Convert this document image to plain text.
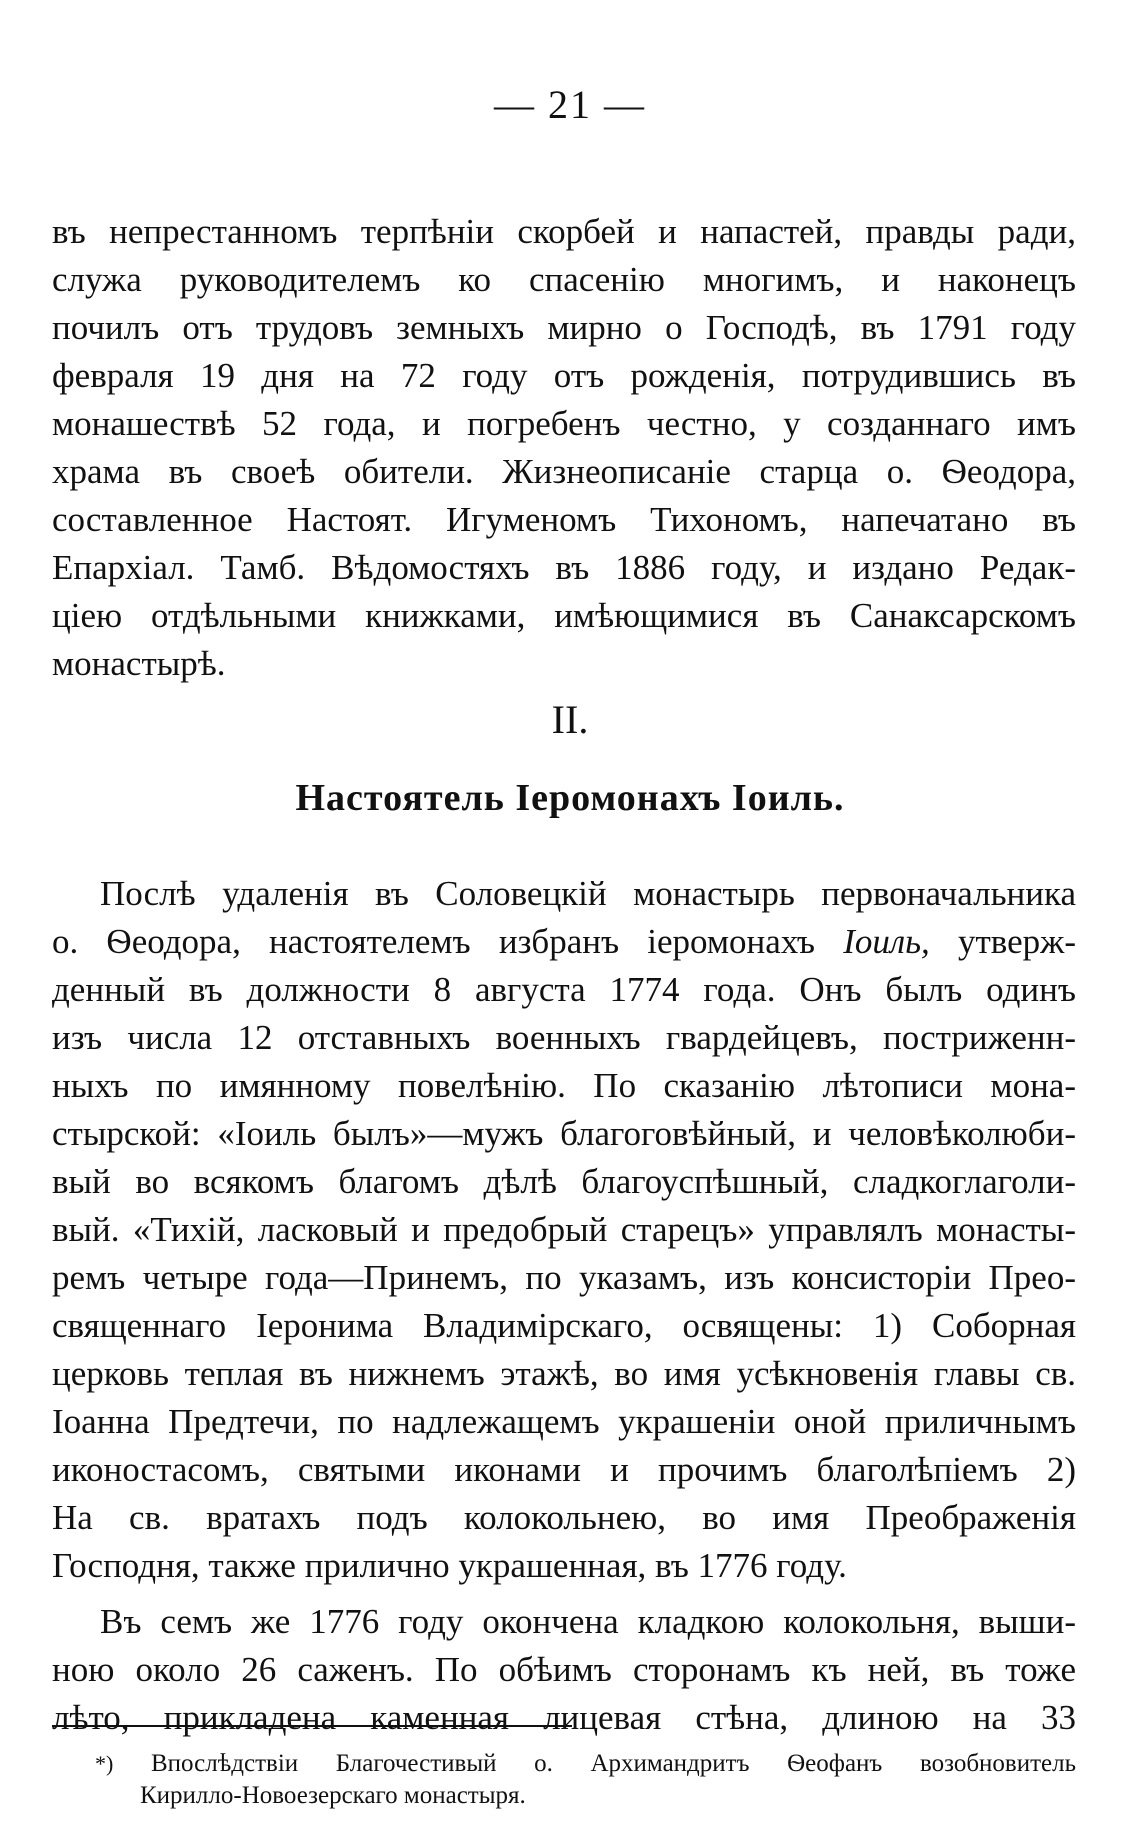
— 21 —
въ непрестанномъ терпѣніи скорбей и напастей, правды ради,
служа руководителемъ ко спасенію многимъ, и наконецъ
почилъ отъ трудовъ земныхъ мирно о Господѣ, въ 1791 году
февраля 19 дня на 72 году отъ рожденія, потрудившись въ
монашествѣ 52 года, и погребенъ честно, у созданнаго имъ
храма въ своеѣ обители. Жизнеописаніе старца о. Ѳеодора,
составленное Настоят. Игуменомъ Тихономъ, напечатано въ
Епархіал. Тамб. Вѣдомостяхъ въ 1886 году, и издано Редак-
ціею отдѣльными книжками, имѣющимися въ Санаксарскомъ
монастырѣ.
II.
Настоятель Іеромонахъ Іоиль.
Послѣ удаленія въ Соловецкій монастырь первоначальника
о. Ѳеодора, настоятелемъ избранъ іеромонахъ Іоиль, утверж-
денный въ должности 8 августа 1774 года. Онъ былъ одинъ
изъ числа 12 отставныхъ военныхъ гвардейцевъ, постриженн-
ныхъ по имянному повелѣнію. По сказанію лѣтописи мона-
стырской: «Іоиль былъ»—мужъ благоговѣйный, и человѣколюби-
вый во всякомъ благомъ дѣлѣ благоуспѣшный, сладкоглаголи-
вый. «Тихій, ласковый и предобрый старецъ» управлялъ монасты-
ремъ четыре года—Принемъ, по указамъ, изъ консисторіи Прео-
священнаго Іеронима Владимірскаго, освящены: 1) Соборная
церковь теплая въ нижнемъ этажѣ, во имя усѣкновенія главы св.
Іоанна Предтечи, по надлежащемъ украшеніи оной приличнымъ
иконостасомъ, святыми иконами и прочимъ благолѣпіемъ 2)
На св. вратахъ подъ колокольнею, во имя Преображенія
Господня, также прилично украшенная, въ 1776 году.
Въ семъ же 1776 году окончена кладкою колокольня, выши-
ною около 26 саженъ. По обѣимъ сторонамъ къ ней, въ тоже
лѣто, прикладена каменная лицевая стѣна, длиною на 33
*) Впослѣдствіи Благочестивый о. Архимандритъ Ѳеофанъ возобновитель
Кирилло-Новоезерскаго монастыря.
